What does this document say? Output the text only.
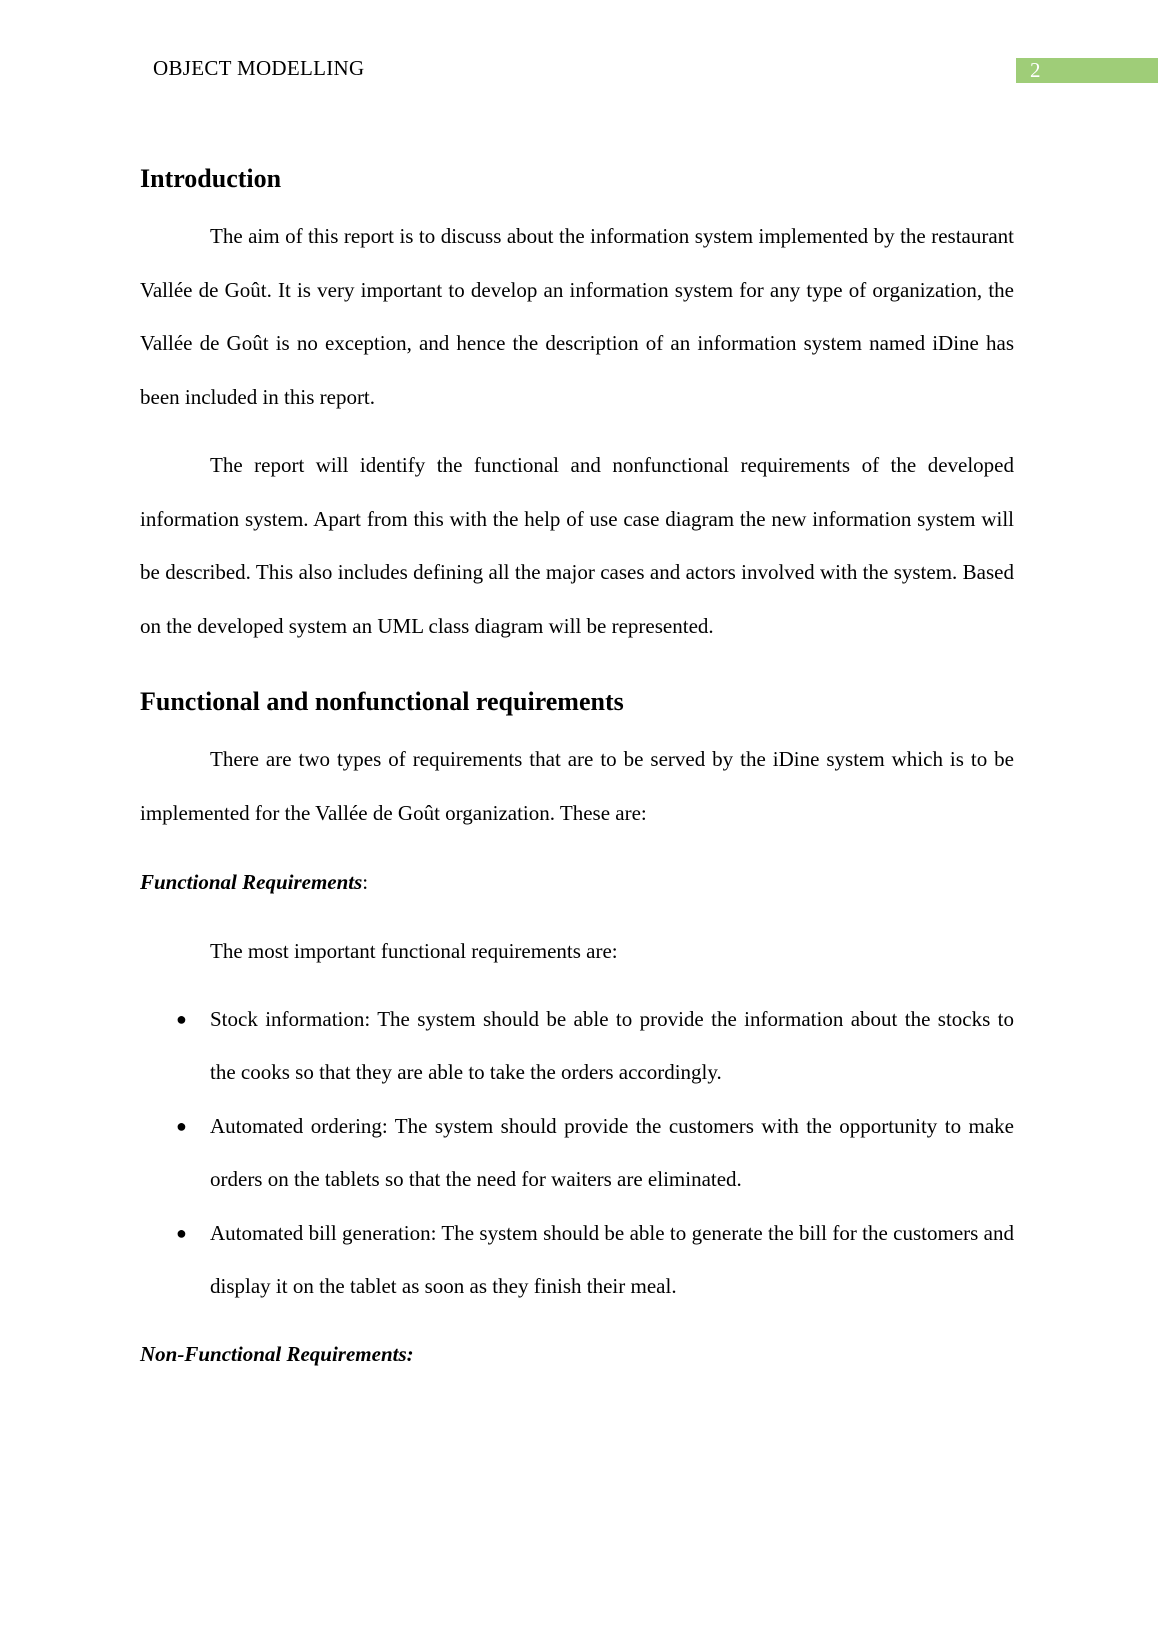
OBJECT MODELLING	2
Introduction

The aim of this report is to discuss about the information system implemented by the restaurant Vallée de Goût. It is very important to develop an information system for any type of organization, the Vallée de Goût is no exception, and hence the description of an information system named iDine has been included in this report.

The report will identify the functional and nonfunctional requirements of the developed information system. Apart from this with the help of use case diagram the new information system will be described. This also includes defining all the major cases and actors involved with the system. Based on the developed system an UML class diagram will be represented.

Functional and nonfunctional requirements

There are two types of requirements that are to be served by the iDine system which is to be implemented for the Vallée de Goût organization. These are:

Functional Requirements:

The most important functional requirements are:

● Stock information: The system should be able to provide the information about the stocks to the cooks so that they are able to take the orders accordingly.
● Automated ordering: The system should provide the customers with the opportunity to make orders on the tablets so that the need for waiters are eliminated.
● Automated bill generation: The system should be able to generate the bill for the customers and display it on the tablet as soon as they finish their meal.
Non-Functional Requirements:
